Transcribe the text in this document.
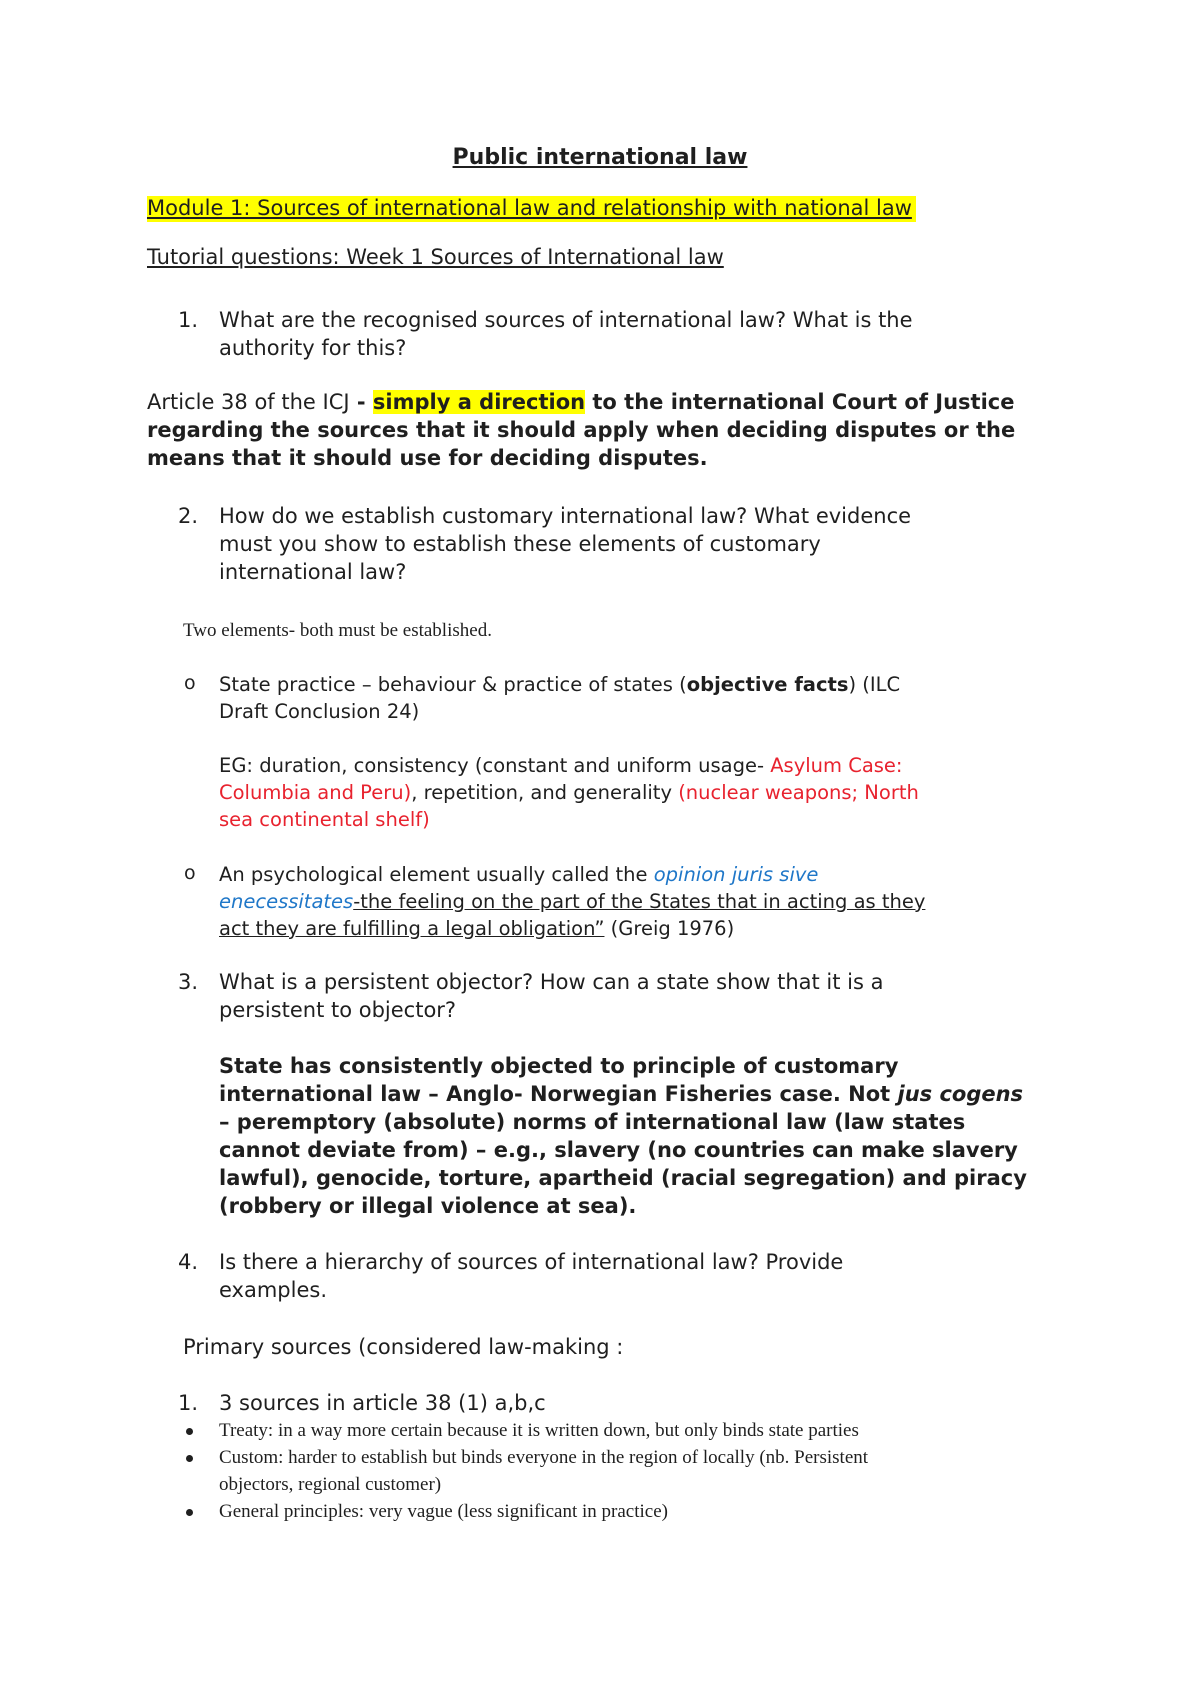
Public international law
Module 1: Sources of international law and relationship with national law
Tutorial questions: Week 1 Sources of International law
1. What are the recognised sources of international law? What is the
authority for this?
Article 38 of the ICJ - simply a direction to the international Court of Justice
regarding the sources that it should apply when deciding disputes or the
means that it should use for deciding disputes.
2. How do we establish customary international law? What evidence
must you show to establish these elements of customary
international law?
Two elements- both must be established.
o State practice – behaviour & practice of states (objective facts) (ILC
Draft Conclusion 24)
EG: duration, consistency (constant and uniform usage- Asylum Case:
Columbia and Peru), repetition, and generality (nuclear weapons; North
sea continental shelf)
o An psychological element usually called the opinion juris sive
enecessitates-the feeling on the part of the States that in acting as they
act they are fulfilling a legal obligation” (Greig 1976)
3. What is a persistent objector? How can a state show that it is a
persistent to objector?
State has consistently objected to principle of customary
international law – Anglo- Norwegian Fisheries case. Not jus cogens
– peremptory (absolute) norms of international law (law states
cannot deviate from) – e.g., slavery (no countries can make slavery
lawful), genocide, torture, apartheid (racial segregation) and piracy
(robbery or illegal violence at sea).
4. Is there a hierarchy of sources of international law? Provide
examples.
Primary sources (considered law-making :
1. 3 sources in article 38 (1) a,b,c
Treaty: in a way more certain because it is written down, but only binds state parties
Custom: harder to establish but binds everyone in the region of locally (nb. Persistent
objectors, regional customer)
General principles: very vague (less significant in practice)
